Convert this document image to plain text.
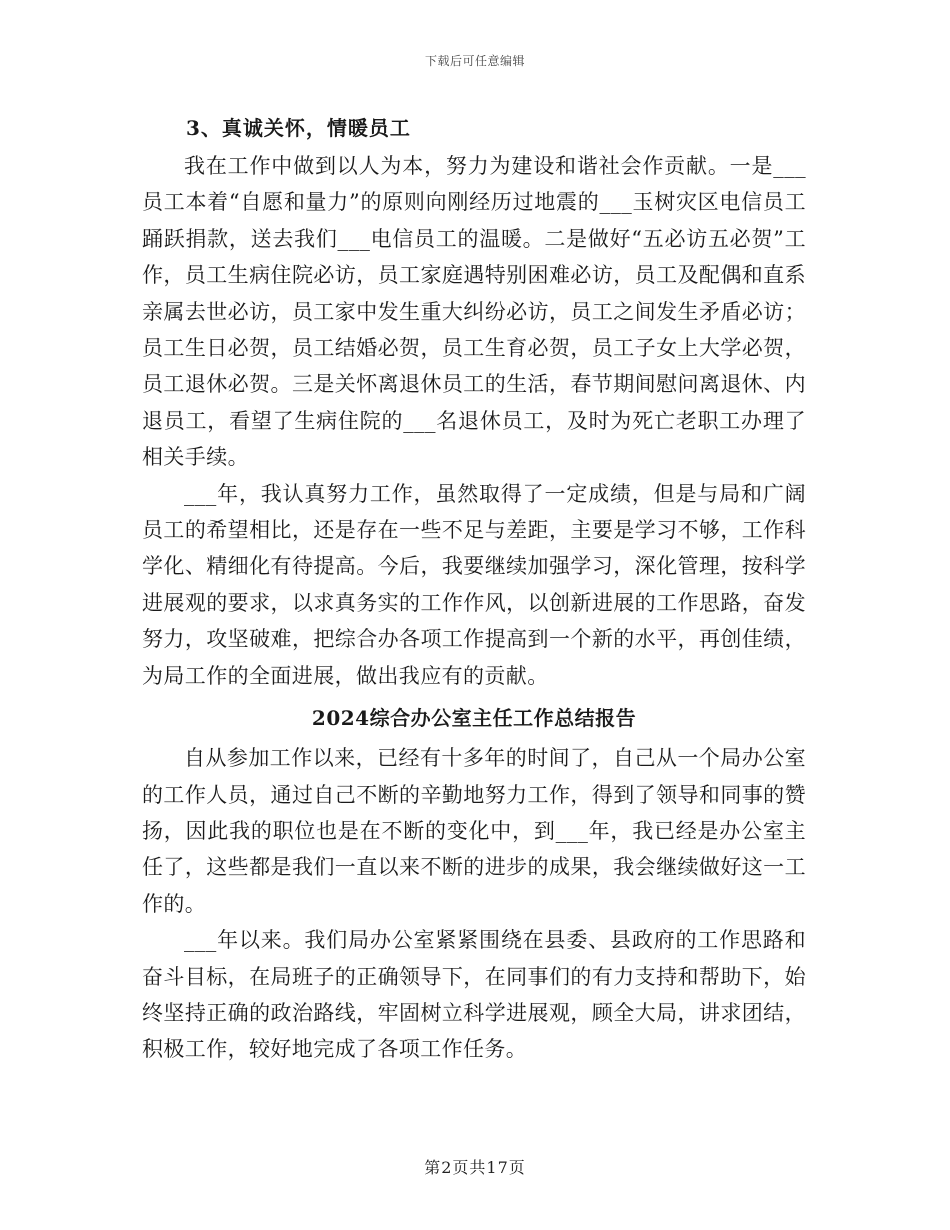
下载后可任意编辑
3、真诚关怀，情暖员工

我在工作中做到以人为本，努力为建设和谐社会作贡献。一是___员工本着“自愿和量力”的原则向刚经历过地震的___玉树灾区电信员工踊跃捐款，送去我们___电信员工的温暖。二是做好“五必访五必贺”工作，员工生病住院必访，员工家庭遇特别困难必访，员工及配偶和直系亲属去世必访，员工家中发生重大纠纷必访，员工之间发生矛盾必访；员工生日必贺，员工结婚必贺，员工生育必贺，员工子女上大学必贺，员工退休必贺。三是关怀离退休员工的生活，春节期间慰问离退休、内退员工，看望了生病住院的___名退休员工，及时为死亡老职工办理了相关手续。

___年，我认真努力工作，虽然取得了一定成绩，但是与局和广阔员工的希望相比，还是存在一些不足与差距，主要是学习不够，工作科学化、精细化有待提高。今后，我要继续加强学习，深化管理，按科学进展观的要求，以求真务实的工作作风，以创新进展的工作思路，奋发努力，攻坚破难，把综合办各项工作提高到一个新的水平，再创佳绩，为局工作的全面进展，做出我应有的贡献。

2024综合办公室主任工作总结报告

自从参加工作以来，已经有十多年的时间了，自己从一个局办公室的工作人员，通过自己不断的辛勤地努力工作，得到了领导和同事的赞扬，因此我的职位也是在不断的变化中，到___年，我已经是办公室主任了，这些都是我们一直以来不断的进步的成果，我会继续做好这一工作的。

___年以来。我们局办公室紧紧围绕在县委、县政府的工作思路和奋斗目标，在局班子的正确领导下，在同事们的有力支持和帮助下，始终坚持正确的政治路线，牢固树立科学进展观，顾全大局，讲求团结，积极工作，较好地完成了各项工作任务。

第2页共17页
